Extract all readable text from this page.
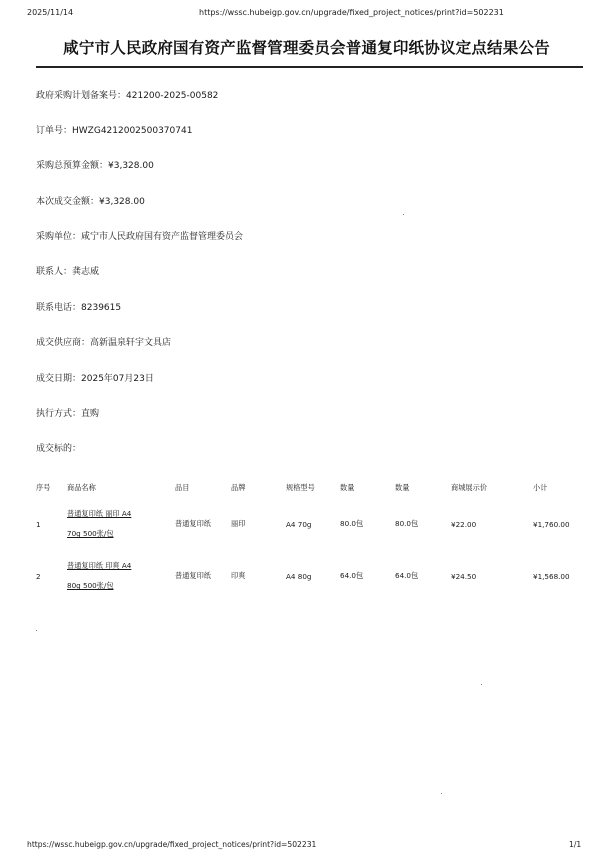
2025/11/14	https://wssc.hubeigp.gov.cn/upgrade/fixed_project_notices/print?id=502231
咸宁市人民政府国有资产监督管理委员会普通复印纸协议定点结果公告
政府采购计划备案号：421200-2025-00582
订单号：HWZG4212002500370741
采购总预算金额：¥3,328.00
本次成交金额：¥3,328.00
采购单位：咸宁市人民政府国有资产监督管理委员会
联系人：龚志威
联系电话：8239615
成交供应商：高新温泉轩宇文具店
成交日期：2025年07月23日
执行方式：直购
成交标的：
序号	商品名称	品目	品牌	规格型号	数量	数量	商城展示价	小计
1	普通复印纸 丽印 A4 70g 500张/包	普通复印纸	丽印	A4 70g	80.0包	80.0包	¥22.00	¥1,760.00
2	普通复印纸 印爽 A4 80g 500张/包	普通复印纸	印爽	A4 80g	64.0包	64.0包	¥24.50	¥1,568.00
https://wssc.hubeigp.gov.cn/upgrade/fixed_project_notices/print?id=502231	1/1
